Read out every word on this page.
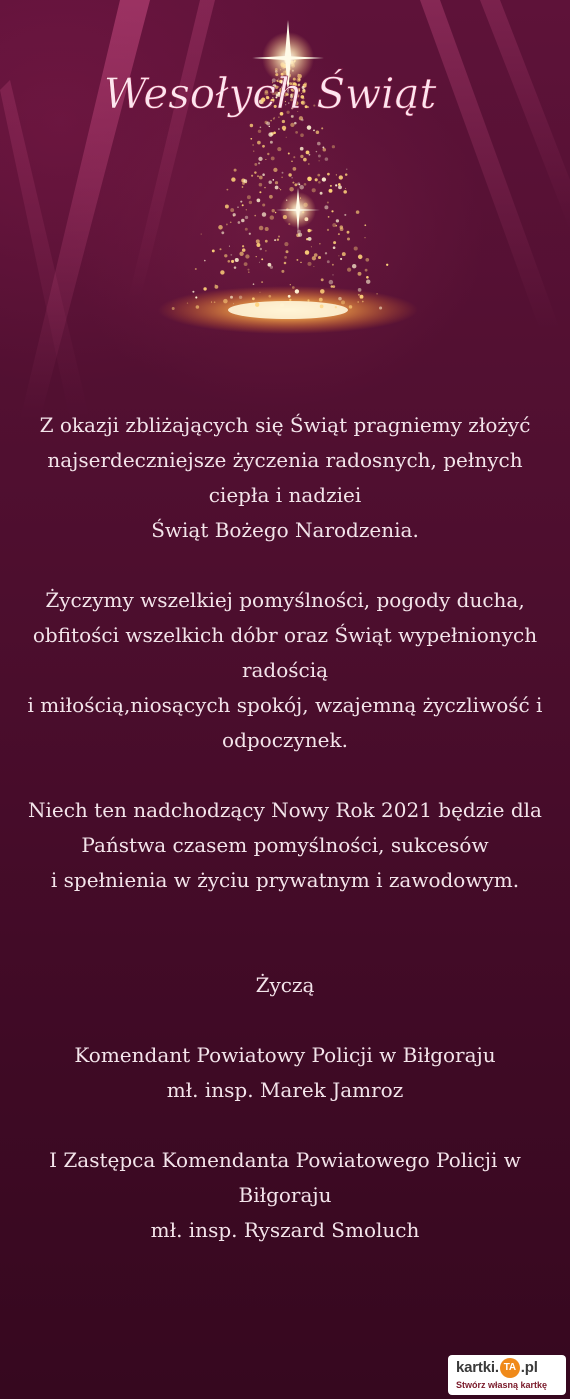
Wesołych Świąt

Z okazji zbliżających się Świąt pragniemy złożyć

najserdeczniejsze życzenia radosnych, pełnych

ciepła i nadziei

Świąt Bożego Narodzenia.

Życzymy wszelkiej pomyślności, pogody ducha,

obfitości wszelkich dóbr oraz Świąt wypełnionych

radością

i miłością,niosących spokój, wzajemną życzliwość i

odpoczynek.

Niech ten nadchodzący Nowy Rok 2021 będzie dla

Państwa czasem pomyślności, sukcesów

i spełnienia w życiu prywatnym i zawodowym.

Życzą

Komendant Powiatowy Policji w Biłgoraju

mł. insp. Marek Jamroz

I Zastępca Komendanta Powiatowego Policji w

Biłgoraju

mł. insp. Ryszard Smoluch

kartki. TA .pl
Stwórz własną kartkę
